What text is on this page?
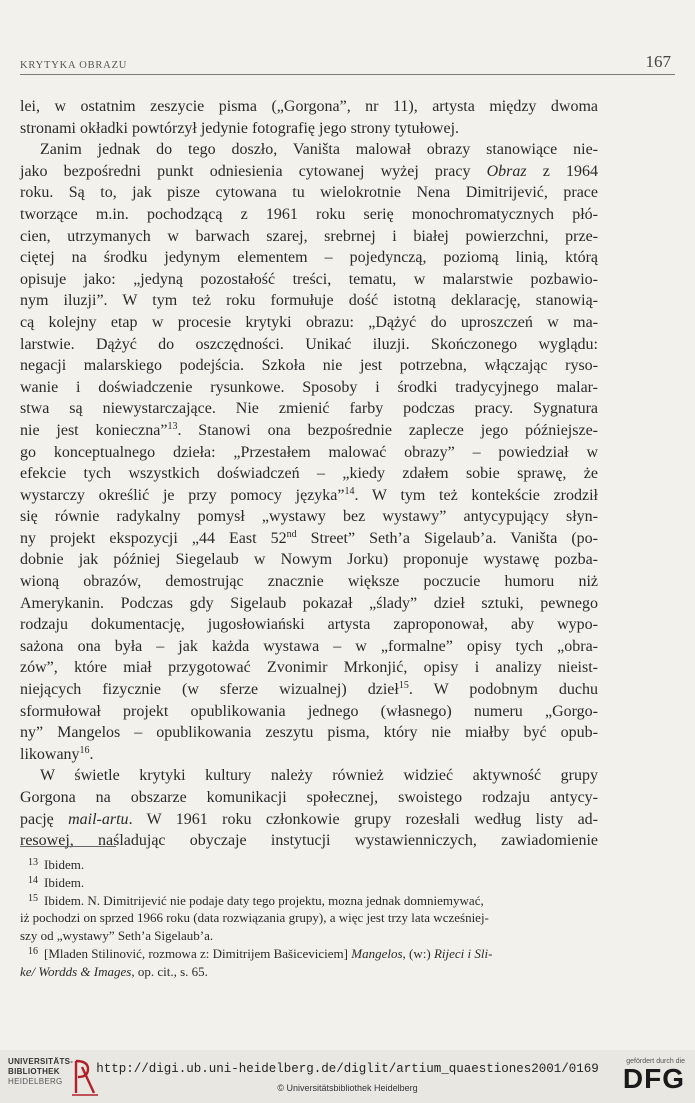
KRYTYKA OBRAZU	167

lei, w ostatnim zeszycie pisma („Gorgona”, nr 11), artysta między dwoma

stronami okładki powtórzył jedynie fotografię jego strony tytułowej.

Zanim jednak do tego doszło, Vaništa malował obrazy stanowiące nie-

jako bezpośredni punkt odniesienia cytowanej wyżej pracy Obraz z 1964

roku. Są to, jak pisze cytowana tu wielokrotnie Nena Dimitrijević, prace

tworzące m.in. pochodzącą z 1961 roku serię monochromatycznych płó-

cien, utrzymanych w barwach szarej, srebrnej i białej powierzchni, prze-

ciętej na środku jedynym elementem – pojedynczą, poziomą linią, którą

opisuje jako: „jedyną pozostałość treści, tematu, w malarstwie pozbawio-

nym iluzji”. W tym też roku formułuje dość istotną deklarację, stanowią-

cą kolejny etap w procesie krytyki obrazu: „Dążyć do uproszczeń w ma-

larstwie. Dążyć do oszczędności. Unikać iluzji. Skończonego wyglądu:

negacji malarskiego podejścia. Szkoła nie jest potrzebna, włączając ryso-

wanie i doświadczenie rysunkowe. Sposoby i środki tradycyjnego malar-

stwa są niewystarczające. Nie zmienić farby podczas pracy. Sygnatura

nie jest konieczna”$^{13}$. Stanowi ona bezpośrednie zaplecze jego późniejsze-

go konceptualnego dzieła: „Przestałem malować obrazy” – powiedział w

efekcie tych wszystkich doświadczeń – „kiedy zdałem sobie sprawę, że

wystarczy określić je przy pomocy języka”$^{14}$. W tym też kontekście zrodził

się równie radykalny pomysł „wystawy bez wystawy” antycypujący słyn-

ny projekt ekspozycji „44 East 52nd Street” Seth’a Sigelaub’a. Vaništa (po-

dobnie jak później Siegelaub w Nowym Jorku) proponuje wystawę pozba-

wioną obrazów, demostrując znacznie większe poczucie humoru niż

Amerykanin. Podczas gdy Sigelaub pokazał „ślady” dzieł sztuki, pewnego

rodzaju dokumentację, jugosłowiański artysta zaproponował, aby wypo-

sażona ona była – jak każda wystawa – w „formalne” opisy tych „obra-

zów”, które miał przygotować Zvonimir Mrkonjić, opisy i analizy nieist-

niejących fizycznie (w sferze wizualnej) dzieł$^{15}$. W podobnym duchu

sformułował projekt opublikowania jednego (własnego) numeru „Gorgo-

ny” Mangelos – opublikowania zeszytu pisma, który nie miałby być opub-

likowany$^{16}$.

W świetle krytyki kultury należy również widzieć aktywność grupy

Gorgona na obszarze komunikacji społecznej, swoistego rodzaju antycy-

pację mail-artu. W 1961 roku członkowie grupy rozesłali według listy ad-

resowej, naśladując obyczaje instytucji wystawienniczych, zawiadomienie

13 Ibidem.

14 Ibidem.

15 Ibidem. N. Dimitrijević nie podaje daty tego projektu, mozna jednak domniemywać,

iż pochodzi on sprzed 1966 roku (data rozwiązania grupy), a więc jest trzy lata wcześniej-

szy od „wystawy” Seth’a Sigelaub’a.

16 [Mladen Stilinović, rozmowa z: Dimitrijem Bašiceviciem] Mangelos, (w:) Rijeci i Sli-

ke/ Wordds & Images, op. cit., s. 65.

UNIVERSITÄTS-
BIBLIOTHEK
HEIDELBERG
http://digi.ub.uni-heidelberg.de/diglit/artium_quaestiones2001/0169
© Universitätsbibliothek Heidelberg
gefördert durch die
DFG
